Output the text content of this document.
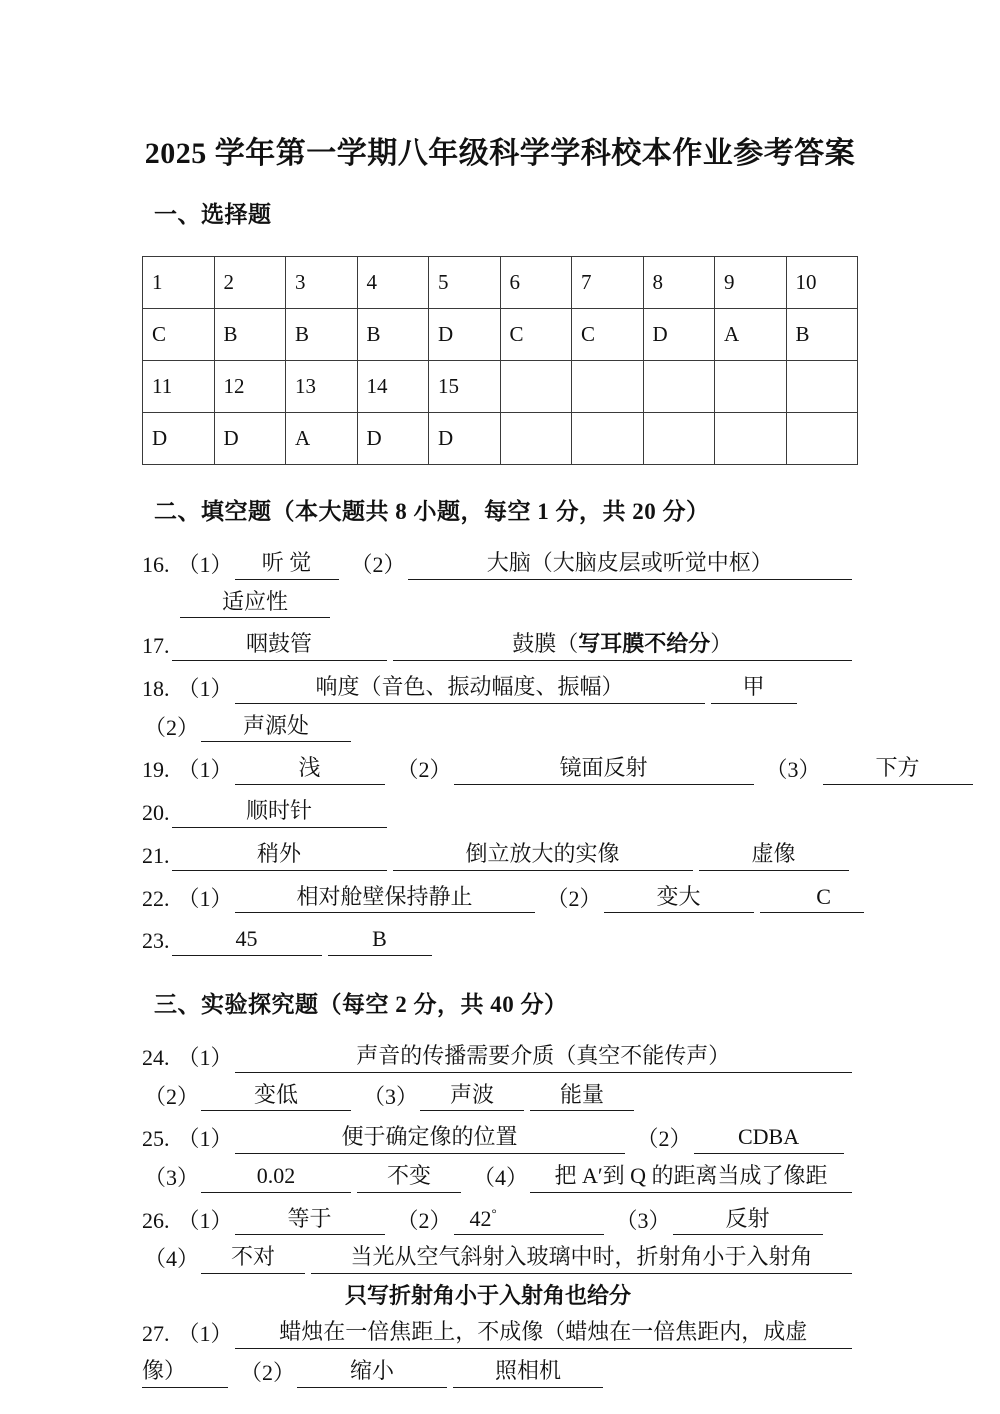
2025 学年第一学期八年级科学学科校本作业参考答案
一、选择题
1	2	3	4	5	6	7	8	9	10
C	B	B	B	D	C	C	D	A	B
11	12	13	14	15					
D	D	A	D	D					
二、填空题（本大题共 8 小题，每空 1 分，共 20 分）
16. （1）	听 觉	（2）	大脑（大脑皮层或听觉中枢）
适应性
17.	咽鼓管	鼓膜（写耳膜不给分）
18. （1）	响度（音色、振动幅度、振幅）	甲
（2）	声源处
19. （1）	浅	（2）	镜面反射	（3）	下方
20.	顺时针
21.	稍外	倒立放大的实像	虚像
22. （1）	相对舱壁保持静止	（2）	变大	C
23.	45	B
三、实验探究题（每空 2 分，共 40 分）
24. （1）	声音的传播需要介质（真空不能传声）
（2）	变低	（3）	声波	能量
25. （1）	便于确定像的位置	（2）	CDBA
（3）	0.02	不变	（4）	把 A′到 Q 的距离当成了像距
26. （1）	等于	（2） 42°	（3）	反射
（4）	不对	当光从空气斜射入玻璃中时，折射角小于入射角
只写折射角小于入射角也给分
27. （1）	蜡烛在一倍焦距上，不成像（蜡烛在一倍焦距内，成虚
像）	（2）	缩小	照相机
